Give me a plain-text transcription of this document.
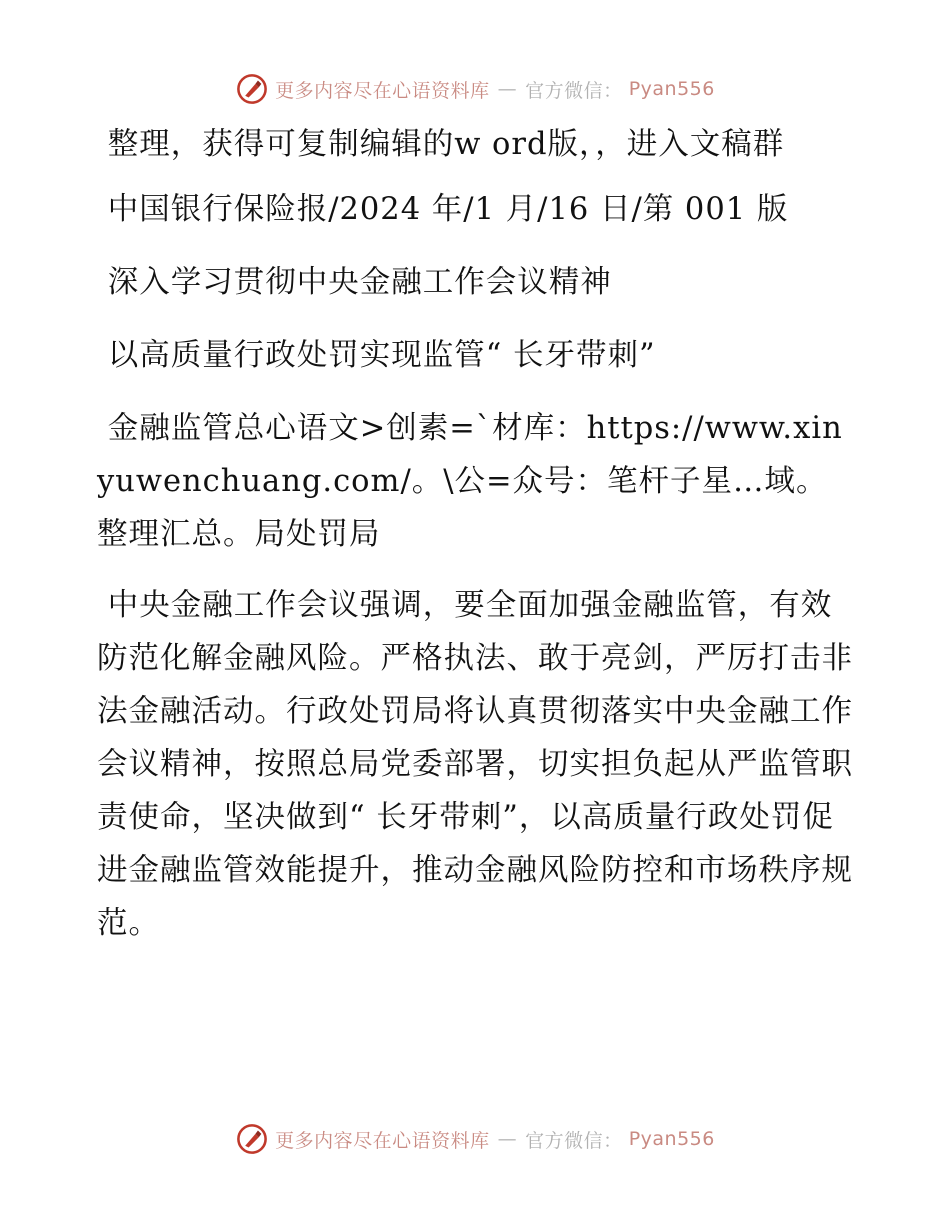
更多内容尽在心语资料库 — 官方微信： Pyan556

整理，获得可复制编辑的w ord版，，进入文稿群

中国银行保险报/2024 年/1 月/16 日/第 001 版

深入学习贯彻中央金融工作会议精神

以高质量行政处罚实现监管“ 长牙带刺”

金融监管总心语文>创素=`材库：https://www.xinyuwenchuang.com/。\公=众号：笔杆子星…域。整理汇总。局处罚局

中央金融工作会议强调，要全面加强金融监管，有效防范化解金融风险。严格执法、敢于亮剑，严厉打击非法金融活动。行政处罚局将认真贯彻落实中央金融工作会议精神，按照总局党委部署，切实担负起从严监管职责使命，坚决做到“ 长牙带刺”，以高质量行政处罚促进金融监管效能提升，推动金融风险防控和市场秩序规范。

更多内容尽在心语资料库 — 官方微信： Pyan556
